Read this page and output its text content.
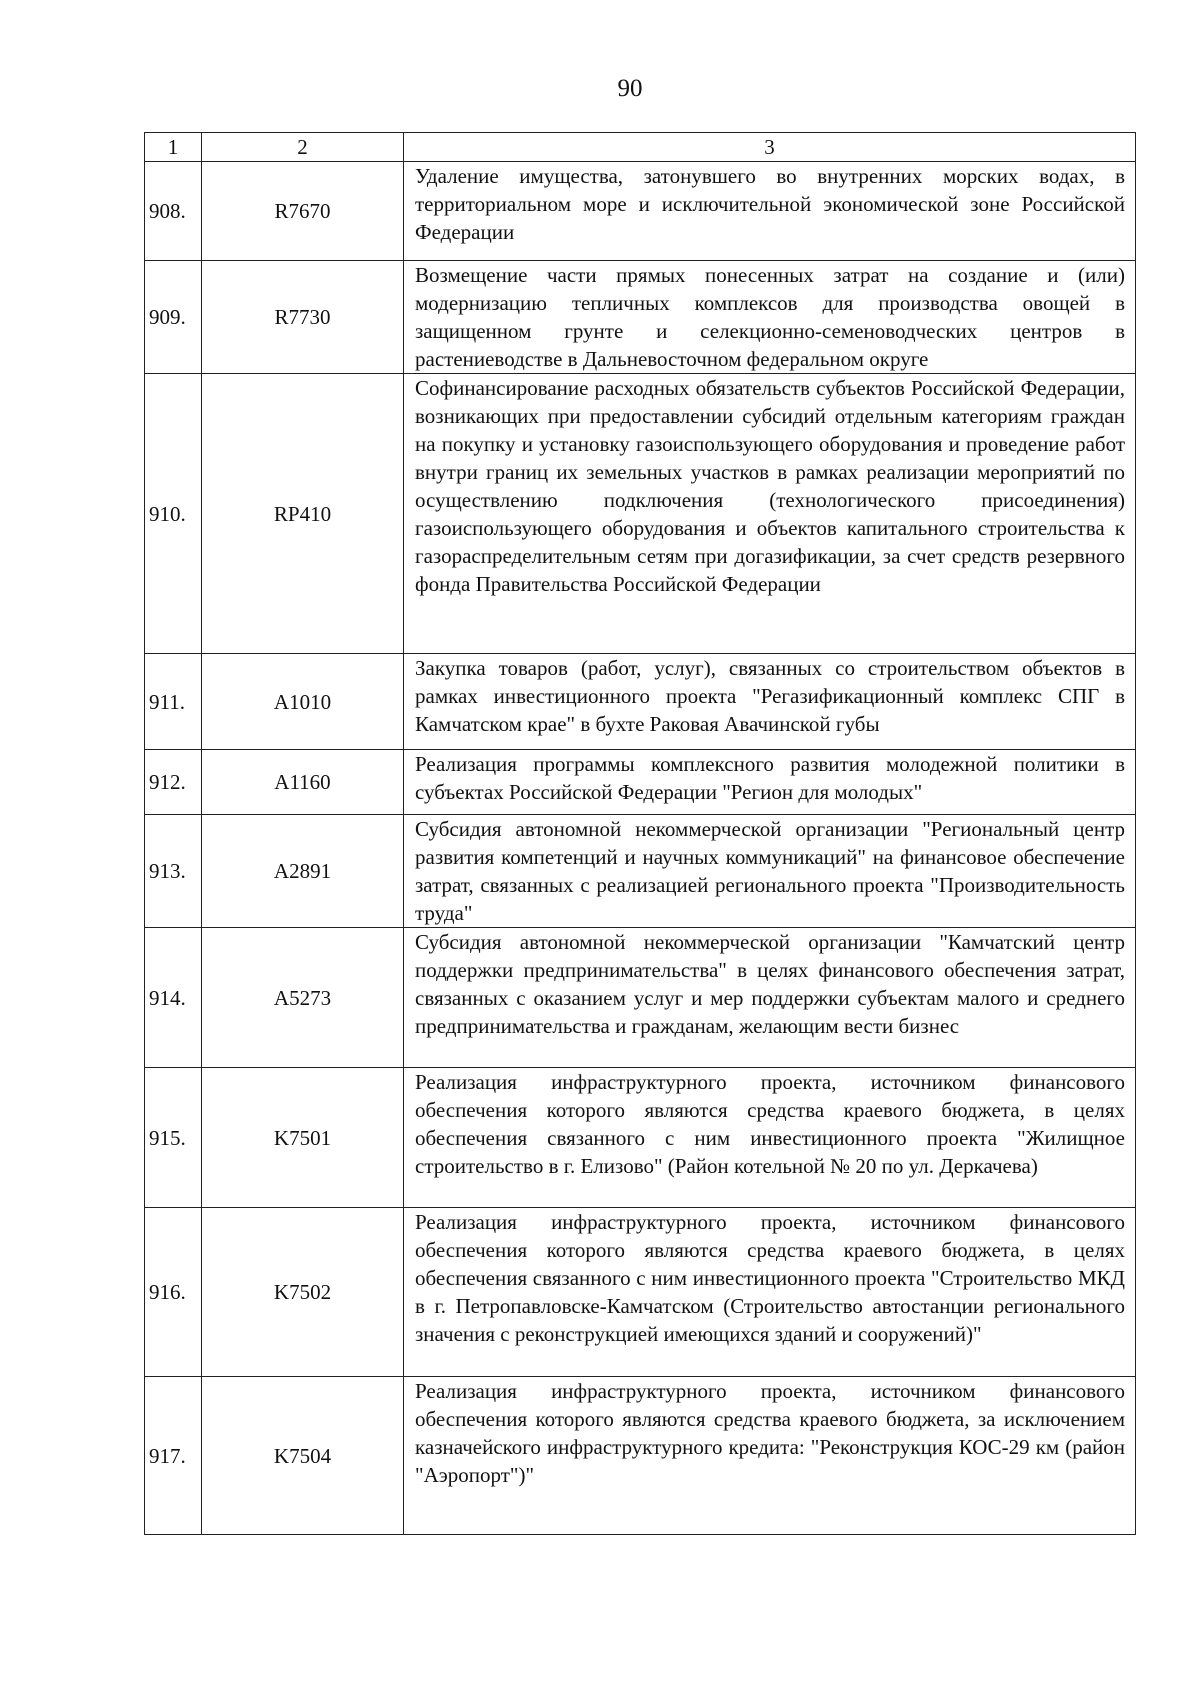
90
1	2	3
908.	R7670	Удаление имущества, затонувшего во внутренних морских водах, в территориальном море и исключительной экономической зоне Российской Федерации
909.	R7730	Возмещение части прямых понесенных затрат на создание и (или) модернизацию тепличных комплексов для производства овощей в защищенном грунте и селекционно-семеноводческих центров в растениеводстве в Дальневосточном федеральном округе
910.	RP410	Софинансирование расходных обязательств субъектов Российской Федерации, возникающих при предоставлении субсидий отдельным категориям граждан на покупку и установку газоиспользующего оборудования и проведение работ внутри границ их земельных участков в рамках реализации мероприятий по осуществлению подключения (технологического присоединения) газоиспользующего оборудования и объектов капитального строительства к газораспределительным сетям при догазификации, за счет средств резервного фонда Правительства Российской Федерации
911.	A1010	Закупка товаров (работ, услуг), связанных со строительством объектов в рамках инвестиционного проекта "Регазификационный комплекс СПГ в Камчатском крае" в бухте Раковая Авачинской губы
912.	A1160	Реализация программы комплексного развития молодежной политики в субъектах Российской Федерации "Регион для молодых"
913.	A2891	Субсидия автономной некоммерческой организации "Региональный центр развития компетенций и научных коммуникаций" на финансовое обеспечение затрат, связанных с реализацией регионального проекта "Производительность труда"
914.	A5273	Субсидия автономной некоммерческой организации "Камчатский центр поддержки предпринимательства" в целях финансового обеспечения затрат, связанных с оказанием услуг и мер поддержки субъектам малого и среднего предпринимательства и гражданам, желающим вести бизнес
915.	K7501	Реализация инфраструктурного проекта, источником финансового обеспечения которого являются средства краевого бюджета, в целях обеспечения связанного с ним инвестиционного проекта "Жилищное строительство в г. Елизово" (Район котельной № 20 по ул. Деркачева)
916.	K7502	Реализация инфраструктурного проекта, источником финансового обеспечения которого являются средства краевого бюджета, в целях обеспечения связанного с ним инвестиционного проекта "Строительство МКД в г. Петропавловске-Камчатском (Строительство автостанции регионального значения с реконструкцией имеющихся зданий и сооружений)"
917.	K7504	Реализация инфраструктурного проекта, источником финансового обеспечения которого являются средства краевого бюджета, за исключением казначейского инфраструктурного кредита: "Реконструкция КОС-29 км (район "Аэропорт")"
